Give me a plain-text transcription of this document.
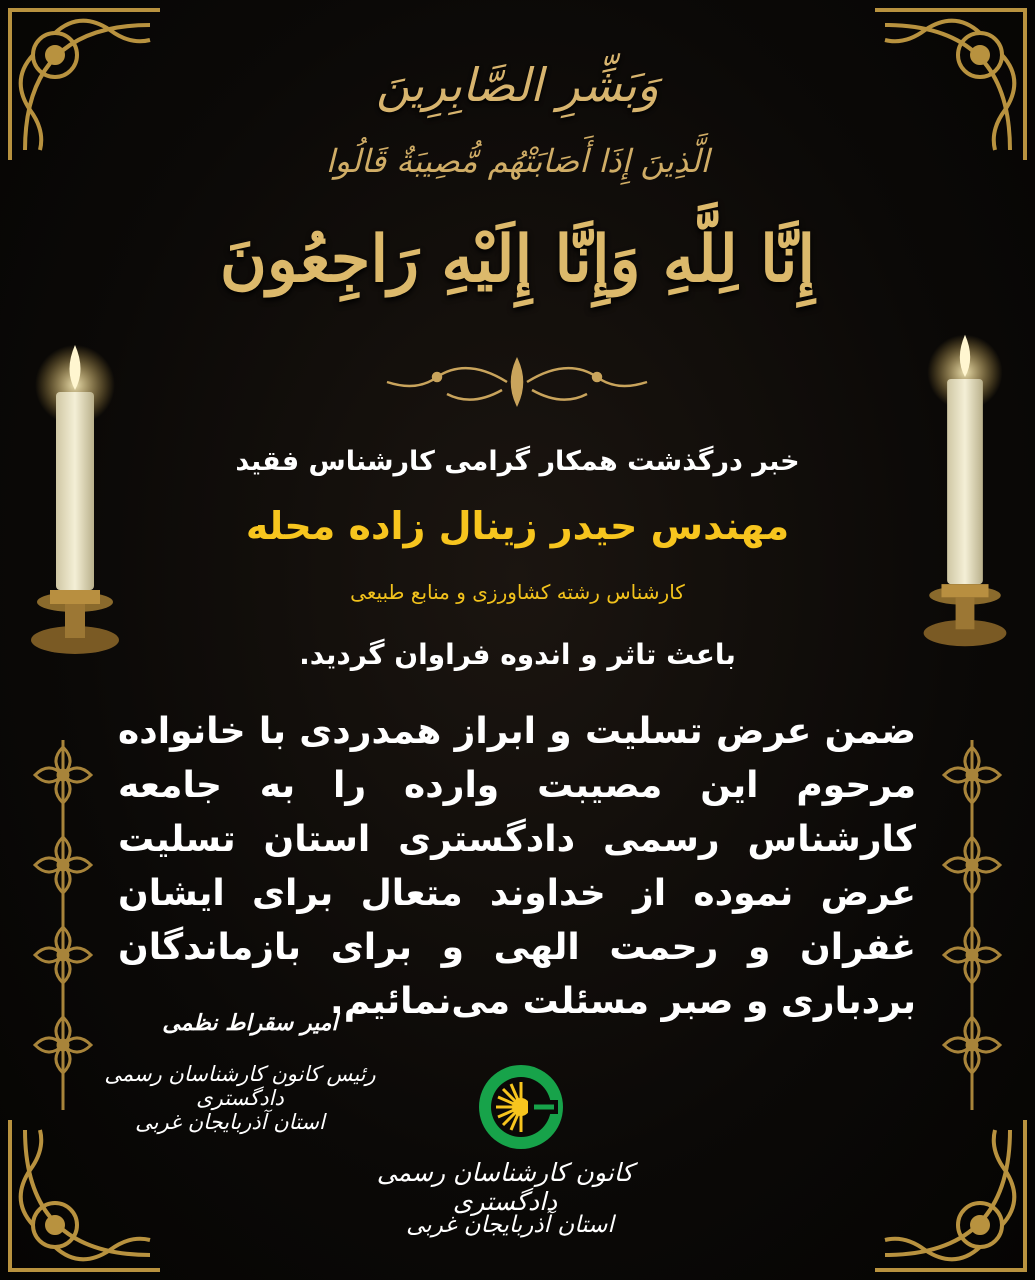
وَبَشِّرِ الصَّابِرِينَ
الَّذِينَ إِذَا أَصَابَتْهُم مُّصِيبَةٌ قَالُوا
إِنَّا لِلَّهِ وَإِنَّا إِلَيْهِ رَاجِعُونَ
خبر درگذشت همکار گرامی کارشناس فقید
مهندس حیدر زینال زاده محله
کارشناس رشته کشاورزی و منابع طبیعی
باعث تاثر و اندوه فراوان گردید.
ضمن عرض تسلیت و ابراز همدردی با خانواده مرحوم این مصیبت وارده را به جامعه کارشناس رسمی دادگستری استان تسلیت عرض نموده از خداوند متعال برای ایشان غفران و رحمت الهی و برای بازماندگان بردباری و صبر مسئلت می‌نمائیم.
امیر سقراط نظمی
رئیس کانون کارشناسان رسمی دادگستری
استان آذربایجان غربی
کانون کارشناسان رسمی دادگستری
استان آذربایجان غربی
